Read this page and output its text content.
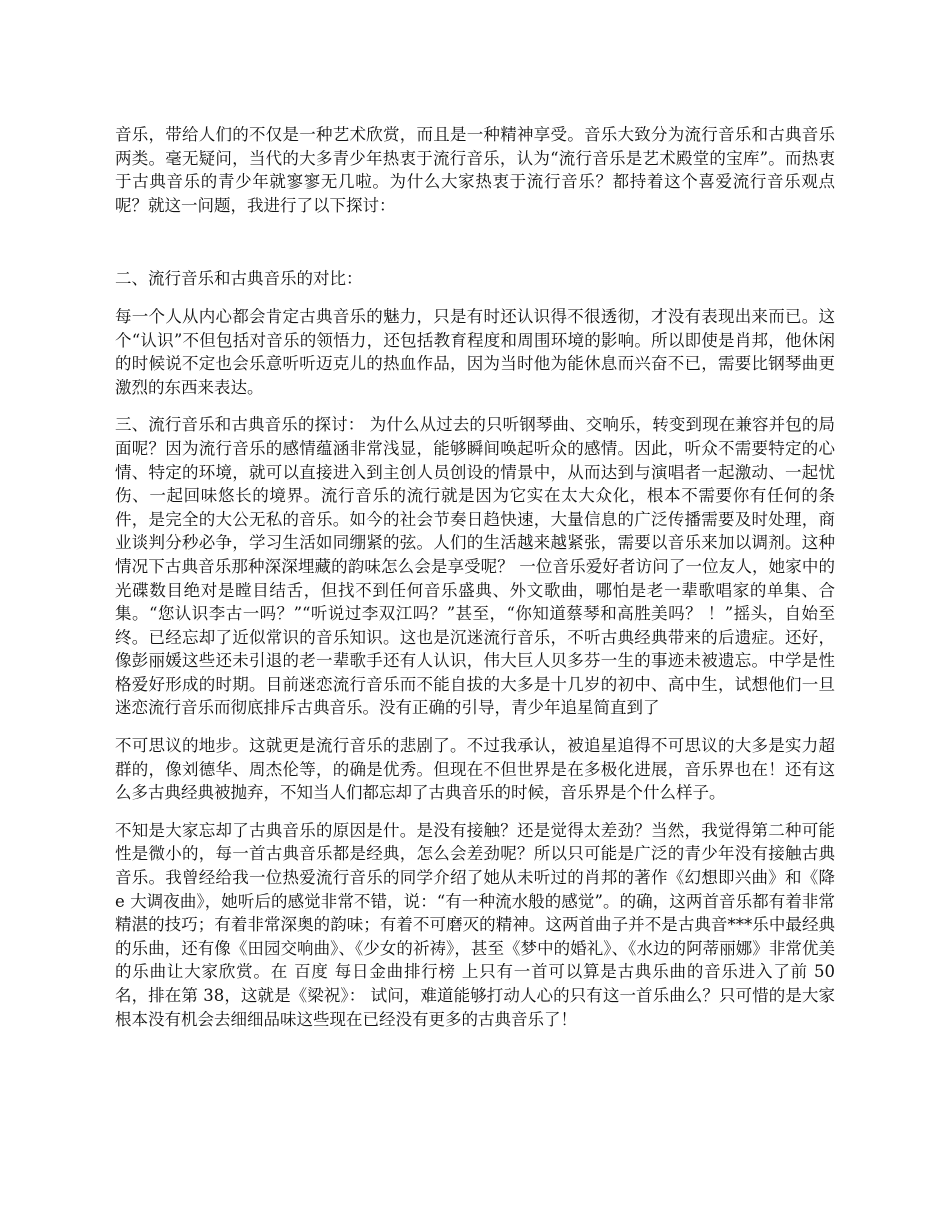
音乐，带给人们的不仅是一种艺术欣赏，而且是一种精神享受。音乐大致分为流行音乐和古典音乐两类。毫无疑问，当代的大多青少年热衷于流行音乐，认为“流行音乐是艺术殿堂的宝库”。而热衷于古典音乐的青少年就寥寥无几啦。为什么大家热衷于流行音乐？都持着这个喜爱流行音乐观点呢？就这一问题，我进行了以下探讨：

二、流行音乐和古典音乐的对比：

每一个人从内心都会肯定古典音乐的魅力，只是有时还认识得不很透彻，才没有表现出来而已。这个“认识”不但包括对音乐的领悟力，还包括教育程度和周围环境的影响。所以即使是肖邦，他休闲的时候说不定也会乐意听听迈克儿的热血作品，因为当时他为能休息而兴奋不已，需要比钢琴曲更激烈的东西来表达。

三、流行音乐和古典音乐的探讨： 为什么从过去的只听钢琴曲、交响乐，转变到现在兼容并包的局面呢？因为流行音乐的感情蕴涵非常浅显，能够瞬间唤起听众的感情。因此，听众不需要特定的心情、特定的环境，就可以直接进入到主创人员创设的情景中，从而达到与演唱者一起激动、一起忧伤、一起回味悠长的境界。流行音乐的流行就是因为它实在太大众化，根本不需要你有任何的条件，是完全的大公无私的音乐。如今的社会节奏日趋快速，大量信息的广泛传播需要及时处理，商业谈判分秒必争，学习生活如同绷紧的弦。人们的生活越来越紧张，需要以音乐来加以调剂。这种情况下古典音乐那种深深埋藏的韵味怎么会是享受呢？ 一位音乐爱好者访问了一位友人，她家中的光碟数目绝对是瞠目结舌，但找不到任何音乐盛典、外文歌曲，哪怕是老一辈歌唱家的单集、合集。“您认识李古一吗？”“听说过李双江吗？”甚至，“你知道蔡琴和高胜美吗？ ！”摇头，自始至终。已经忘却了近似常识的音乐知识。这也是沉迷流行音乐，不听古典经典带来的后遗症。还好，像彭丽媛这些还未引退的老一辈歌手还有人认识，伟大巨人贝多芬一生的事迹未被遗忘。中学是性格爱好形成的时期。目前迷恋流行音乐而不能自拔的大多是十几岁的初中、高中生，试想他们一旦迷恋流行音乐而彻底排斥古典音乐。没有正确的引导，青少年追星简直到了

不可思议的地步。这就更是流行音乐的悲剧了。不过我承认，被追星追得不可思议的大多是实力超群的，像刘德华、周杰伦等，的确是优秀。但现在不但世界是在多极化进展，音乐界也在！还有这么多古典经典被抛弃，不知当人们都忘却了古典音乐的时候，音乐界是个什么样子。

不知是大家忘却了古典音乐的原因是什。是没有接触？还是觉得太差劲？当然，我觉得第二种可能性是微小的，每一首古典音乐都是经典，怎么会差劲呢？所以只可能是广泛的青少年没有接触古典音乐。我曾经给我一位热爱流行音乐的同学介绍了她从未听过的肖邦的著作《幻想即兴曲》和《降 e 大调夜曲》，她听后的感觉非常不错，说：“有一种流水般的感觉”。的确，这两首音乐都有着非常精湛的技巧；有着非常深奥的韵味；有着不可磨灭的精神。这两首曲子并不是古典音***乐中最经典的乐曲，还有像《田园交响曲》、《少女的祈祷》，甚至《梦中的婚礼》、《水边的阿蒂丽娜》非常优美的乐曲让大家欣赏。在 百度 每日金曲排行榜 上只有一首可以算是古典乐曲的音乐进入了前 50 名，排在第 38，这就是《梁祝》： 试问，难道能够打动人心的只有这一首乐曲么？只可惜的是大家根本没有机会去细细品味这些现在已经没有更多的古典音乐了！
